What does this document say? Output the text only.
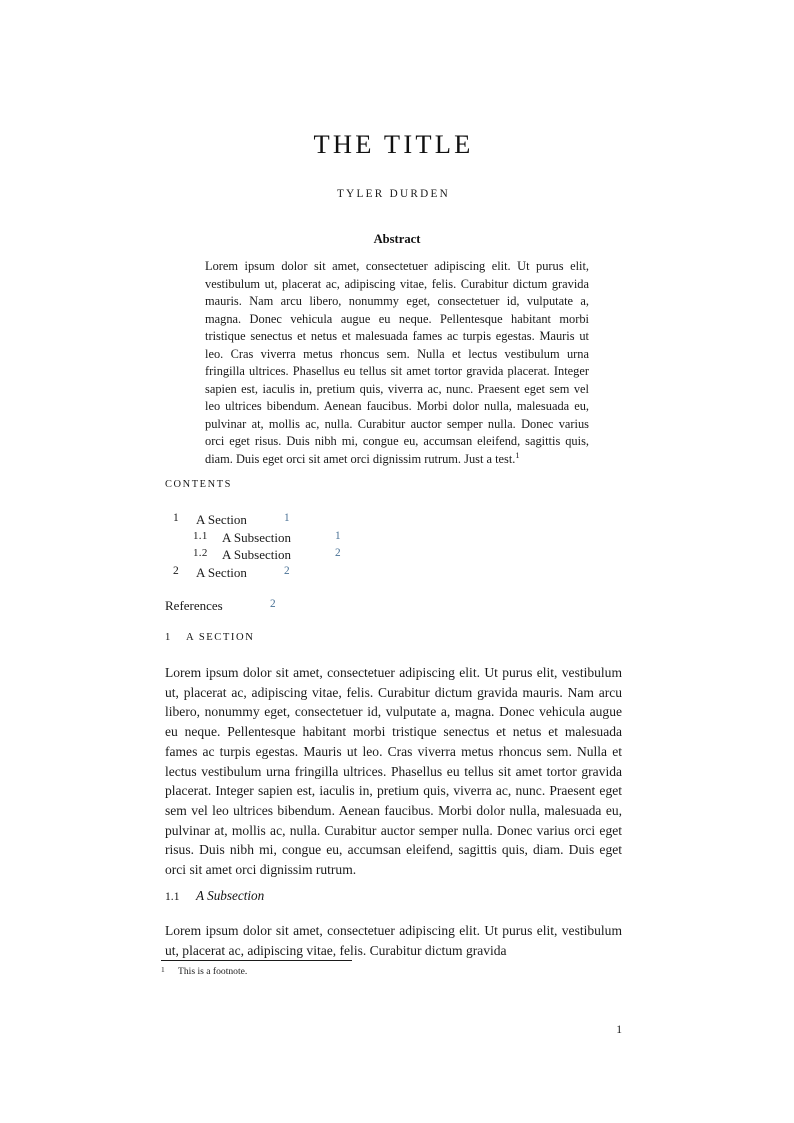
THE TITLE
TYLER DURDEN
Abstract
Lorem ipsum dolor sit amet, consectetuer adipiscing elit. Ut purus elit, vestibulum ut, placerat ac, adipiscing vitae, felis. Curabitur dictum gravida mauris. Nam arcu libero, nonummy eget, consectetuer id, vulputate a, magna. Donec vehicula augue eu neque. Pellentesque habitant morbi tristique senectus et netus et malesuada fames ac turpis egestas. Mauris ut leo. Cras viverra metus rhoncus sem. Nulla et lectus vestibulum urna fringilla ultrices. Phasellus eu tellus sit amet tortor gravida placerat. Integer sapien est, iaculis in, pretium quis, viverra ac, nunc. Praesent eget sem vel leo ultrices bibendum. Aenean faucibus. Morbi dolor nulla, malesuada eu, pulvinar at, mollis ac, nulla. Curabitur auctor semper nulla. Donec varius orci eget risus. Duis nibh mi, congue eu, accumsan eleifend, sagittis quis, diam. Duis eget orci sit amet orci dignissim rutrum. Just a test.$^1$
CONTENTS
1	A Section	1
1.1	A Subsection	1
1.2	A Subsection	2
2	A Section	2
References	2
1 A SECTION

Lorem ipsum dolor sit amet, consectetuer adipiscing elit. Ut purus elit, vestibulum ut, placerat ac, adipiscing vitae, felis. Curabitur dictum gravida mauris. Nam arcu libero, nonummy eget, consectetuer id, vulputate a, magna. Donec vehicula augue eu neque. Pellentesque habitant morbi tristique senectus et netus et malesuada fames ac turpis egestas. Mauris ut leo. Cras viverra metus rhoncus sem. Nulla et lectus vestibulum urna fringilla ultrices. Phasellus eu tellus sit amet tortor gravida placerat. Integer sapien est, iaculis in, pretium quis, viverra ac, nunc. Praesent eget sem vel leo ultrices bibendum. Aenean faucibus. Morbi dolor nulla, malesuada eu, pulvinar at, mollis ac, nulla. Curabitur auctor semper nulla. Donec varius orci eget risus. Duis nibh mi, congue eu, accumsan eleifend, sagittis quis, diam. Duis eget orci sit amet orci dignissim rutrum.

1.1 A Subsection

Lorem ipsum dolor sit amet, consectetuer adipiscing elit. Ut purus elit, vestibulum ut, placerat ac, adipiscing vitae, felis. Curabitur dictum gravida

1 This is a footnote.
1
